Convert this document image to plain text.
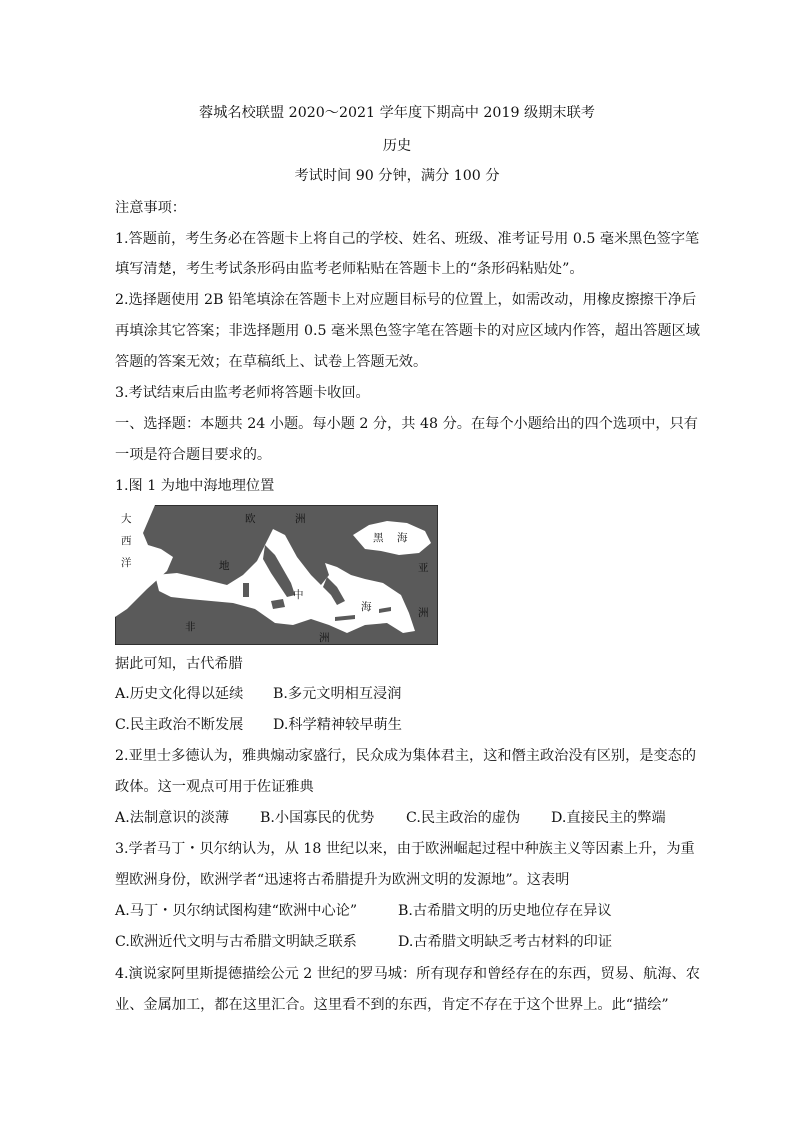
蓉城名校联盟 2020～2021 学年度下期高中 2019 级期末联考
历史
考试时间 90 分钟，满分 100 分
注意事项：
1.答题前，考生务必在答题卡上将自己的学校、姓名、班级、准考证号用 0.5 毫米黑色签字笔
填写清楚，考生考试条形码由监考老师粘贴在答题卡上的“条形码粘贴处”。
2.选择题使用 2B 铅笔填涂在答题卡上对应题目标号的位置上，如需改动，用橡皮擦擦干净后
再填涂其它答案；非选择题用 0.5 毫米黑色签字笔在答题卡的对应区域内作答，超出答题区域
答题的答案无效；在草稿纸上、试卷上答题无效。
3.考试结束后由监考老师将答题卡收回。
一、选择题：本题共 24 小题。每小题 2 分，共 48 分。在每个小题给出的四个选项中，只有
一项是符合题目要求的。
1.图 1 为地中海地理位置
大
西
洋
欧	洲
黑 海
亚
洲
地
中
海
非
洲
据此可知，古代希腊
A.历史文化得以延续 B.多元文明相互浸润
C.民主政治不断发展 D.科学精神较早萌生
2.亚里士多德认为，雅典煽动家盛行，民众成为集体君主，这和僭主政治没有区别，是变态的
政体。这一观点可用于佐证雅典
A.法制意识的淡薄 B.小国寡民的优势 C.民主政治的虚伪 D.直接民主的弊端
3.学者马丁・贝尔纳认为，从 18 世纪以来，由于欧洲崛起过程中种族主义等因素上升，为重
塑欧洲身份，欧洲学者“迅速将古希腊提升为欧洲文明的发源地”。这表明
A.马丁・贝尔纳试图构建“欧洲中心论”	B.古希腊文明的历史地位存在异议
C.欧洲近代文明与古希腊文明缺乏联系	D.古希腊文明缺乏考古材料的印证
4.演说家阿里斯提德描绘公元 2 世纪的罗马城：所有现存和曾经存在的东西，贸易、航海、农
业、金属加工，都在这里汇合。这里看不到的东西，肯定不存在于这个世界上。此“描绘”
